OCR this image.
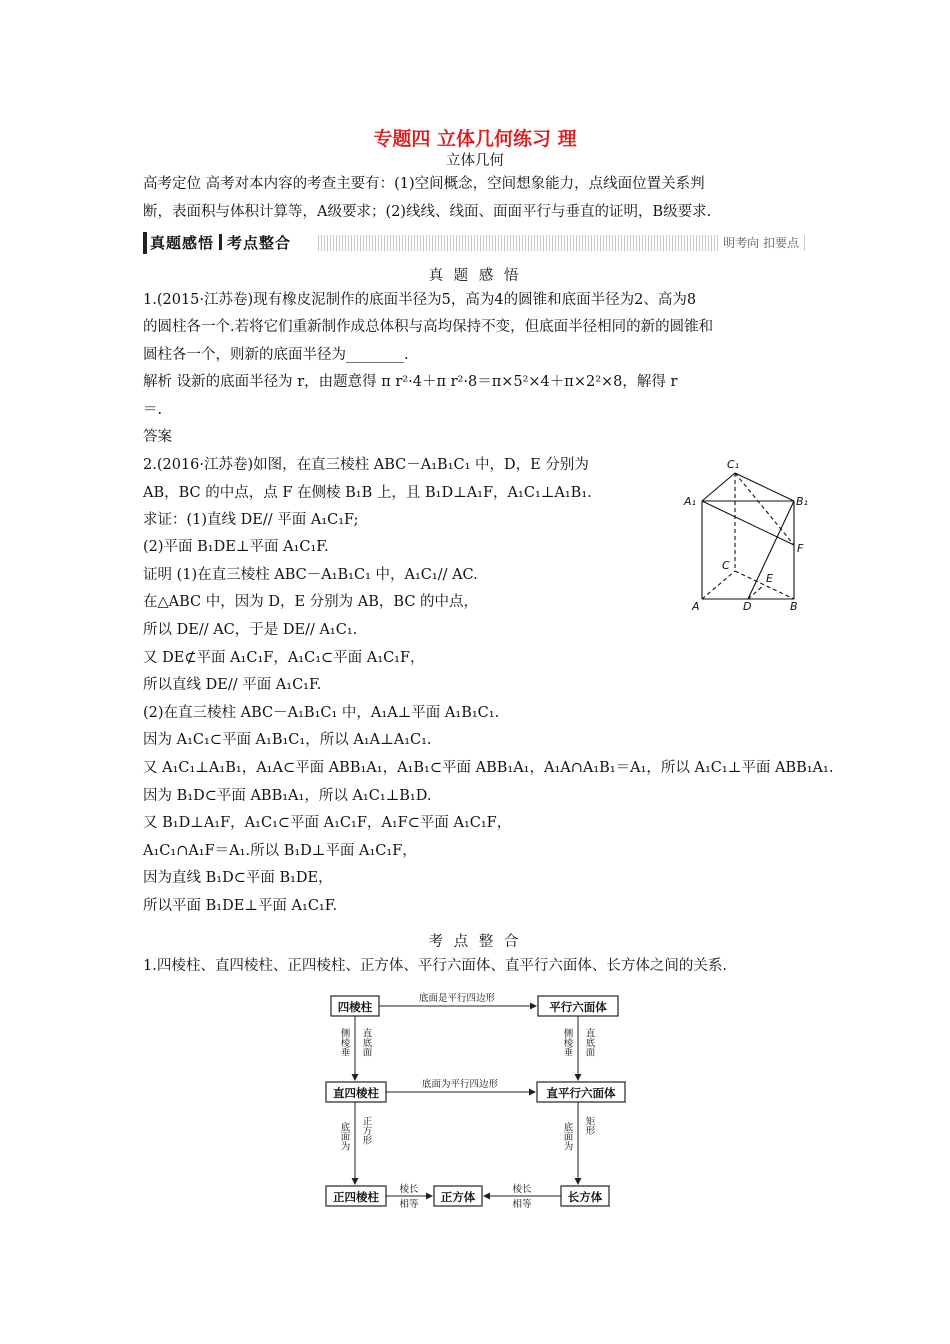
专题四 立体几何练习 理
立体几何
高考定位 高考对本内容的考查主要有：(1)空间概念，空间想象能力，点线面位置关系判
断，表面积与体积计算等，A级要求；(2)线线、线面、面面平行与垂直的证明，B级要求.
真题感悟 考点整合	明考向 扣要点
真 题 感 悟
1.(2015·江苏卷)现有橡皮泥制作的底面半径为5，高为4的圆锥和底面半径为2、高为8
的圆柱各一个.若将它们重新制作成总体积与高均保持不变，但底面半径相同的新的圆锥和
圆柱各一个，则新的底面半径为________.
解析 设新的底面半径为 r，由题意得 π r²·4＋π r²·8＝π×5²×4＋π×2²×8，解得 r
＝.
答案
2.(2016·江苏卷)如图，在直三棱柱 ABC－A₁B₁C₁ 中，D，E 分别为
AB，BC 的中点，点 F 在侧棱 B₁B 上，且 B₁D⊥A₁F，A₁C₁⊥A₁B₁.
求证：(1)直线 DE// 平面 A₁C₁F;
(2)平面 B₁DE⊥平面 A₁C₁F.
证明 (1)在直三棱柱 ABC－A₁B₁C₁ 中，A₁C₁// AC.
在△ABC 中，因为 D，E 分别为 AB，BC 的中点，
所以 DE// AC，于是 DE// A₁C₁.
又 DE⊄平面 A₁C₁F，A₁C₁⊂平面 A₁C₁F，
所以直线 DE// 平面 A₁C₁F.
(2)在直三棱柱 ABC－A₁B₁C₁ 中，A₁A⊥平面 A₁B₁C₁.
因为 A₁C₁⊂平面 A₁B₁C₁，所以 A₁A⊥A₁C₁.
又 A₁C₁⊥A₁B₁，A₁A⊂平面 ABB₁A₁，A₁B₁⊂平面 ABB₁A₁，A₁A∩A₁B₁＝A₁，所以 A₁C₁⊥平面 ABB₁A₁.
因为 B₁D⊂平面 ABB₁A₁，所以 A₁C₁⊥B₁D.
又 B₁D⊥A₁F，A₁C₁⊂平面 A₁C₁F，A₁F⊂平面 A₁C₁F，
A₁C₁∩A₁F＝A₁.所以 B₁D⊥平面 A₁C₁F，
因为直线 B₁D⊂平面 B₁DE，
所以平面 B₁DE⊥平面 A₁C₁F.
C₁
A₁	B₁
F
C
E
A	D	B
考 点 整 合
1.四棱柱、直四棱柱、正四棱柱、正方体、平行六面体、直平行六面体、长方体之间的关系.
四棱柱	平行六面体
直四棱柱	直平行六面体
正四棱柱	正方体	长方体
底面是平行四边形
底面为平行四边形
棱长
相等
棱长
相等
侧棱垂 直底面	侧棱垂 直底面
底面为 正方形	底面为 矩形
